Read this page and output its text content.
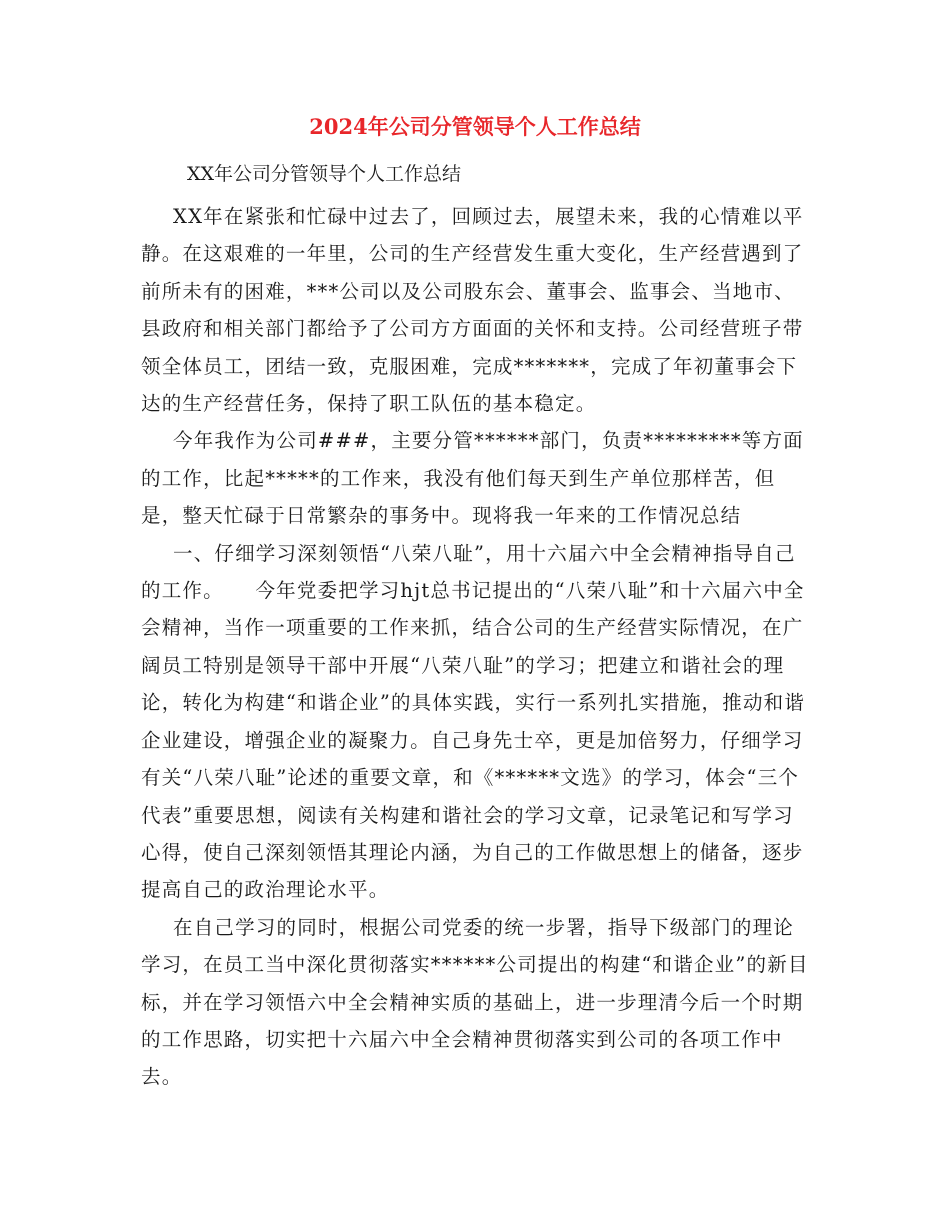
2024年公司分管领导个人工作总结
XX年公司分管领导个人工作总结

XX年在紧张和忙碌中过去了，回顾过去，展望未来，我的心情难以平静。在这艰难的一年里，公司的生产经营发生重大变化，生产经营遇到了前所未有的困难，***公司以及公司股东会、董事会、监事会、当地市、县政府和相关部门都给予了公司方方面面的关怀和支持。公司经营班子带领全体员工，团结一致，克服困难，完成*******，完成了年初董事会下达的生产经营任务，保持了职工队伍的基本稳定。

今年我作为公司###，主要分管******部门，负责*********等方面的工作，比起*****的工作来，我没有他们每天到生产单位那样苦，但是，整天忙碌于日常繁杂的事务中。现将我一年来的工作情况总结

一、仔细学习深刻领悟“八荣八耻”，用十六届六中全会精神指导自己的工作。　　今年党委把学习hjt总书记提出的“八荣八耻”和十六届六中全会精神，当作一项重要的工作来抓，结合公司的生产经营实际情况，在广阔员工特别是领导干部中开展“八荣八耻”的学习；把建立和谐社会的理论，转化为构建“和谐企业”的具体实践，实行一系列扎实措施，推动和谐企业建设，增强企业的凝聚力。自己身先士卒，更是加倍努力，仔细学习有关“八荣八耻”论述的重要文章，和《******文选》的学习，体会“三个代表”重要思想，阅读有关构建和谐社会的学习文章，记录笔记和写学习心得，使自己深刻领悟其理论内涵，为自己的工作做思想上的储备，逐步提高自己的政治理论水平。

在自己学习的同时，根据公司党委的统一步署，指导下级部门的理论学习，在员工当中深化贯彻落实******公司提出的构建“和谐企业”的新目标，并在学习领悟六中全会精神实质的基础上，进一步理清今后一个时期的工作思路，切实把十六届六中全会精神贯彻落实到公司的各项工作中去。
